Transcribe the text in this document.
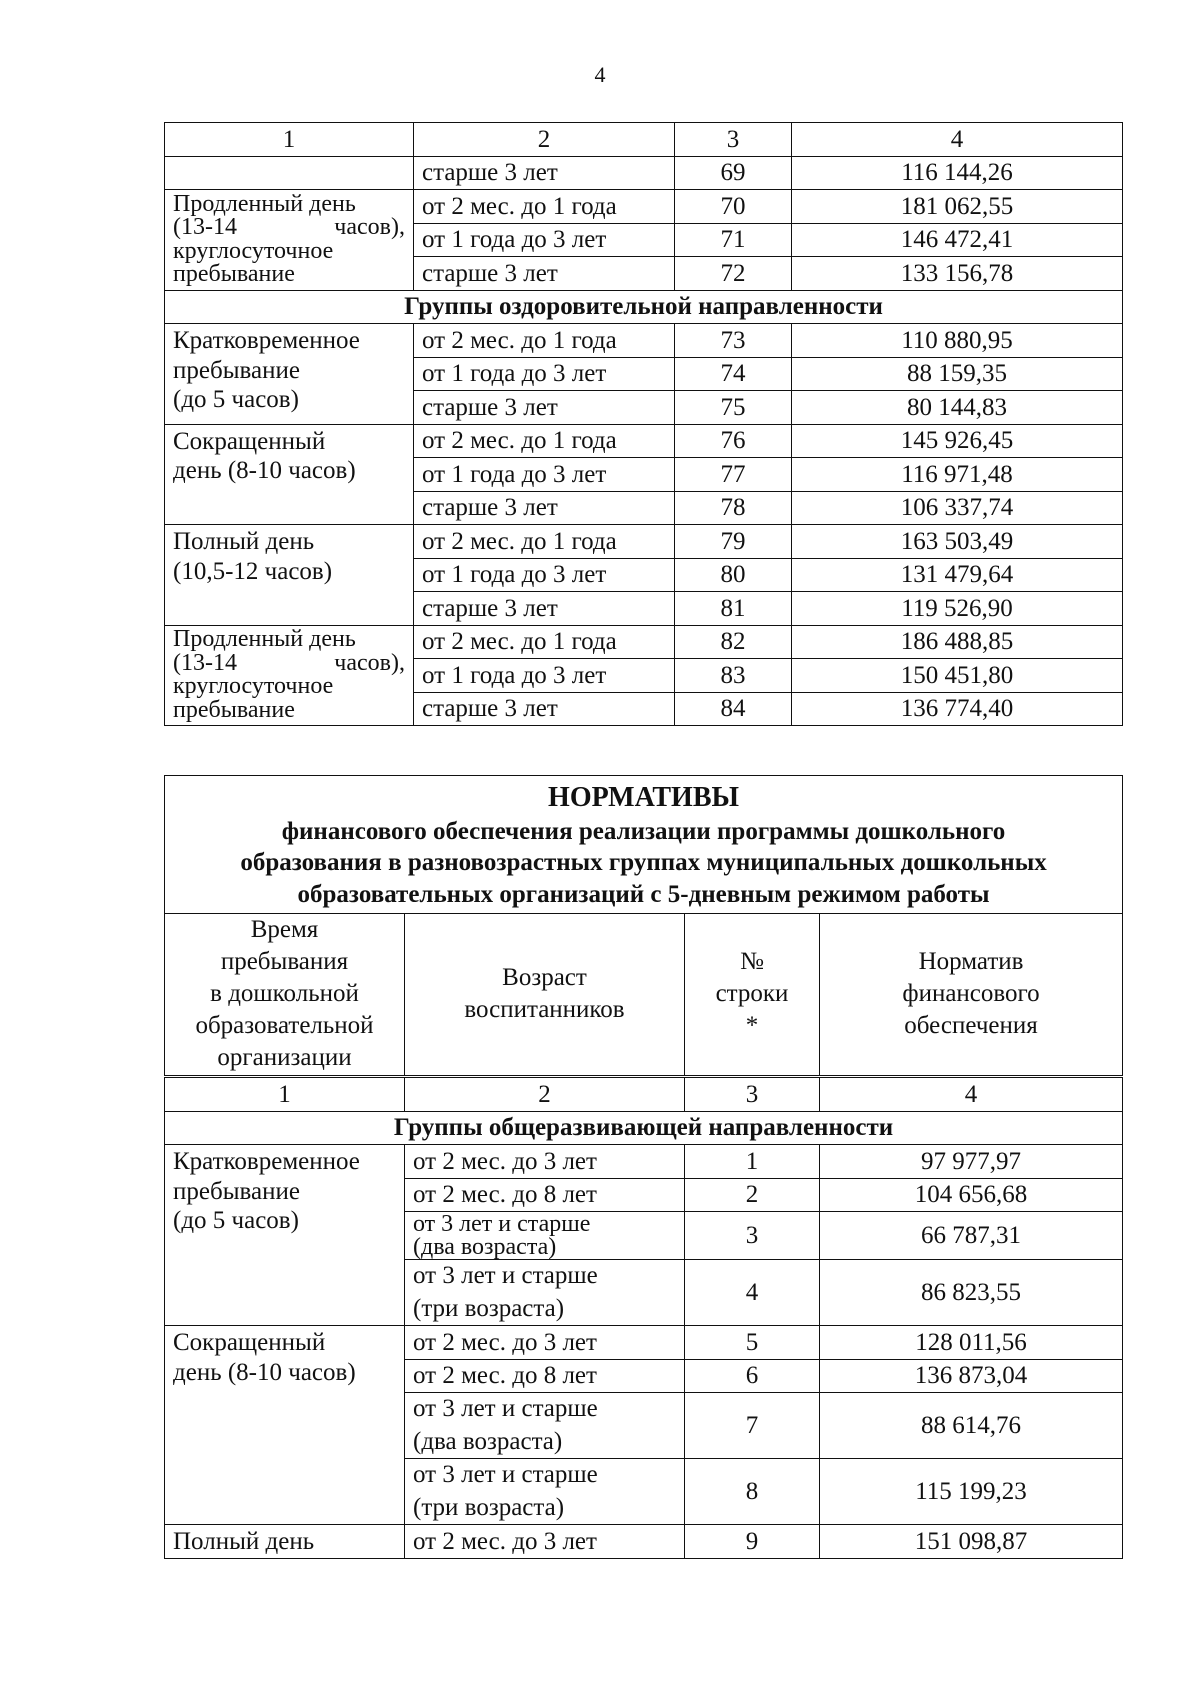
4
1	2	3	4
	старше 3 лет	69	116 144,26

Продленный день
(13-14 часов),
круглосуточное
пребывание	от 2 мес. до 1 года	70	181 062,55
	от 1 года до 3 лет	71	146 472,41
	старше 3 лет	72	133 156,78
Группы оздоровительной направленности			

Кратковременное
пребывание
(до 5 часов)	от 2 мес. до 1 года	73	110 880,95
	от 1 года до 3 лет	74	88 159,35
	старше 3 лет	75	80 144,83

Сокращенный
день (8-10 часов)	от 2 мес. до 1 года	76	145 926,45
	от 1 года до 3 лет	77	116 971,48
	старше 3 лет	78	106 337,74

Полный день
(10,5-12 часов)	от 2 мес. до 1 года	79	163 503,49
	от 1 года до 3 лет	80	131 479,64
	старше 3 лет	81	119 526,90

Продленный день
(13-14 часов),
круглосуточное
пребывание	от 2 мес. до 1 года	82	186 488,85
	от 1 года до 3 лет	83	150 451,80
	старше 3 лет	84	136 774,40
НОРМАТИВЫ
финансового обеспечения реализации программы дошкольного
образования в разновозрастных группах муниципальных дошкольных
образовательных организаций с 5-дневным режимом работы

Время
пребывания
в дошкольной
образовательной
организации

Возраст
воспитанников

№
строки
*

Норматив
финансового
обеспечения
1	2	3	4
Группы общеразвивающей направленности			

Кратковременное
пребывание
(до 5 часов)	от 2 мес. до 3 лет	1	97 977,97
	от 2 мес. до 8 лет	2	104 656,68

	от 3 лет и старше
(два возраста)	3	66 787,31

	от 3 лет и старше
(три возраста)	4	86 823,55

Сокращенный
день (8-10 часов)	от 2 мес. до 3 лет	5	128 011,56
	от 2 мес. до 8 лет	6	136 873,04

	от 3 лет и старше
(два возраста)	7	88 614,76

	от 3 лет и старше
(три возраста)	8	115 199,23
Полный день	от 2 мес. до 3 лет	9	151 098,87
